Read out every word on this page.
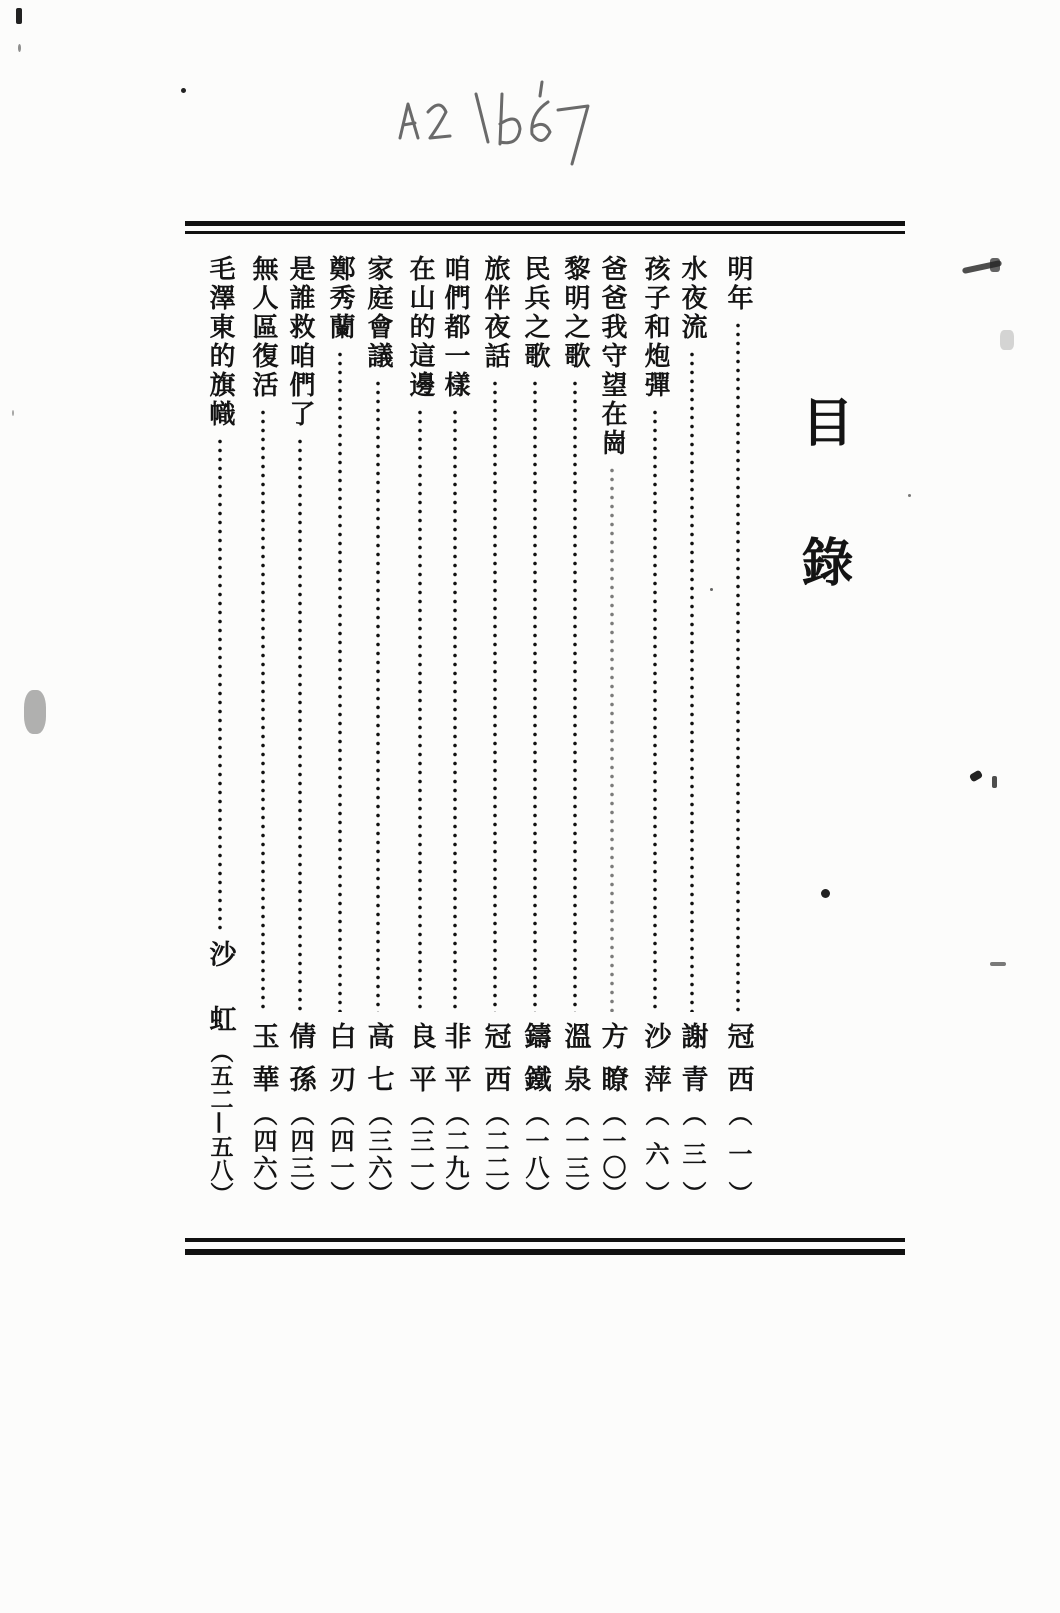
目錄
明年
冠西
（一）
水夜流
謝青
（三）
孩子和炮彈
沙萍
（六）
爸爸我守望在崗
方瞭
（一〇）
黎明之歌
溫泉
（一三）
民兵之歌
鑄鐵
（一八）
旅伴夜話
冠西
（二二）
咱們都一樣
非平
（二九）
在山的這邊
良平
（三一）
家庭會議
高七
（三六）
鄭秀蘭
白刃
（四一）
是誰救咱們了
倩孫
（四三）
無人區復活
玉華
（四六）
毛澤東的旗幟
沙虹
（五二—五八）
